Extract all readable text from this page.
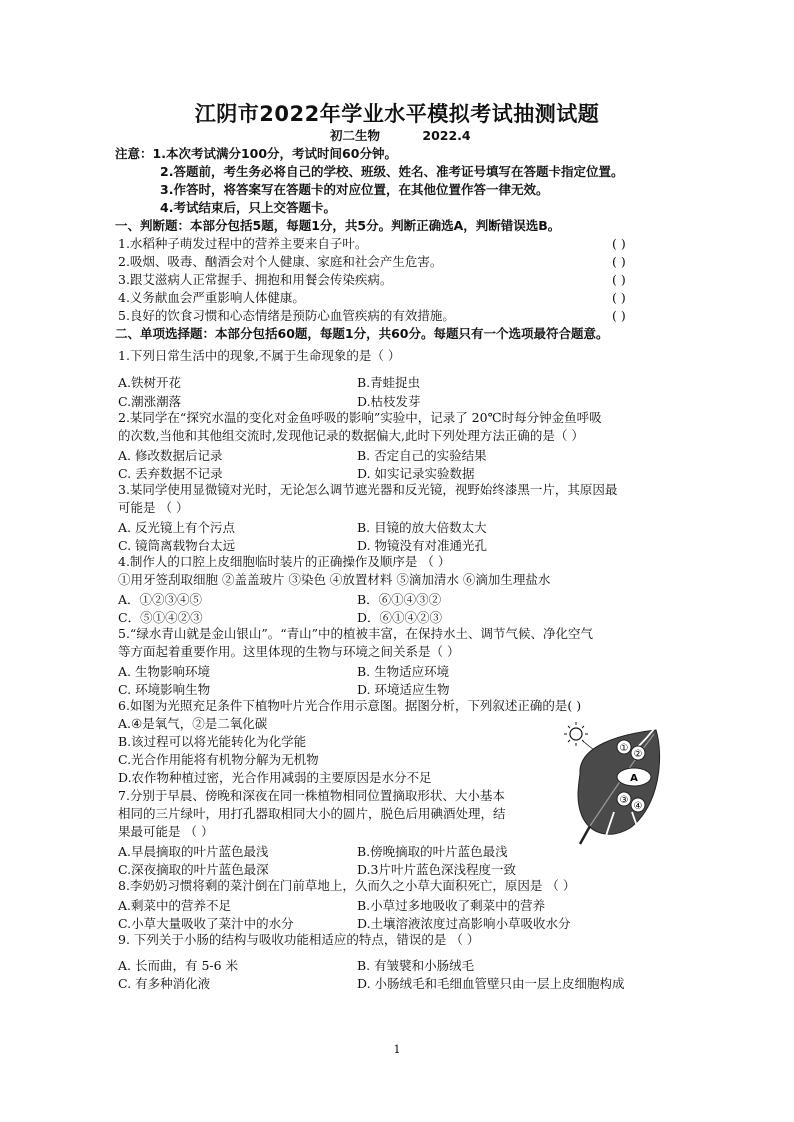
江阴市2022年学业水平模拟考试抽测试题
初二生物	2022.4
注意：1.本次考试满分100分，考试时间60分钟。
2.答题前，考生务必将自己的学校、班级、姓名、准考证号填写在答题卡指定位置。
3.作答时，将答案写在答题卡的对应位置，在其他位置作答一律无效。
4.考试结束后，只上交答题卡。
一、判断题：本部分包括5题，每题1分，共5分。判断正确选A，判断错误选B。
1.水稻种子萌发过程中的营养主要来自子叶。	( )
2.吸烟、吸毒、酗酒会对个人健康、家庭和社会产生危害。	( )
3.跟艾滋病人正常握手、拥抱和用餐会传染疾病。	( )
4.义务献血会严重影响人体健康。	( )
5.良好的饮食习惯和心态情绪是预防心血管疾病的有效措施。	( )
二、单项选择题：本部分包括60题，每题1分，共60分。每题只有一个选项最符合题意。
1.下列日常生活中的现象,不属于生命现象的是（ ）
A.铁树开花	B.青蛙捉虫
C.潮涨潮落	D.枯枝发芽
2.某同学在“探究水温的变化对金鱼呼吸的影响”实验中，记录了 20℃时每分钟金鱼呼吸
的次数,当他和其他组交流时,发现他记录的数据偏大,此时下列处理方法正确的是（ ）
A. 修改数据后记录	B. 否定自己的实验结果
C. 丢弃数据不记录	D. 如实记录实验数据
3.某同学使用显微镜对光时，无论怎么调节遮光器和反光镜，视野始终漆黑一片，其原因最
可能是 （ ）
A. 反光镜上有个污点	B. 目镜的放大倍数太大
C. 镜筒离载物台太远	D. 物镜没有对准通光孔
4.制作人的口腔上皮细胞临时装片的正确操作及顺序是 （ ）
①用牙签刮取细胞 ②盖盖玻片 ③染色 ④放置材料 ⑤滴加清水 ⑥滴加生理盐水
A．①②③④⑤	B．⑥①④③②
C．⑤①④②③	D．⑥①④②③
5.“绿水青山就是金山银山”。“青山”中的植被丰富，在保持水土、调节气候、净化空气
等方面起着重要作用。这里体现的生物与环境之间关系是（ ）
A. 生物影响环境	B. 生物适应环境
C. 环境影响生物	D. 环境适应生物
6.如图为光照充足条件下植物叶片光合作用示意图。据图分析，下列叙述正确的是( )
A.④是氧气，②是二氧化碳
B.该过程可以将光能转化为化学能
C.光合作用能将有机物分解为无机物
D.农作物种植过密，光合作用减弱的主要原因是水分不足
7.分别于早晨、傍晚和深夜在同一株植物相同位置摘取形状、大小基本
相同的三片绿叶，用打孔器取相同大小的圆片，脱色后用碘酒处理，结
果最可能是 （ ）
A.早晨摘取的叶片蓝色最浅	B.傍晚摘取的叶片蓝色最浅
C.深夜摘取的叶片蓝色最深	D.3片叶片蓝色深浅程度一致
8.李奶奶习惯将剩的菜汁倒在门前草地上，久而久之小草大面积死亡，原因是 （ ）
A.剩菜中的营养不足	B.小草过多地吸收了剩菜中的营养
C.小草大量吸收了菜汁中的水分	D.土壤溶液浓度过高影响小草吸收水分
9. 下列关于小肠的结构与吸收功能相适应的特点，错误的是 （ ）
A. 长而曲，有 5-6 米	B. 有皱襞和小肠绒毛
C. 有多种消化液	D. 小肠绒毛和毛细血管壁只由一层上皮细胞构成
①
②
A
③
④
1
